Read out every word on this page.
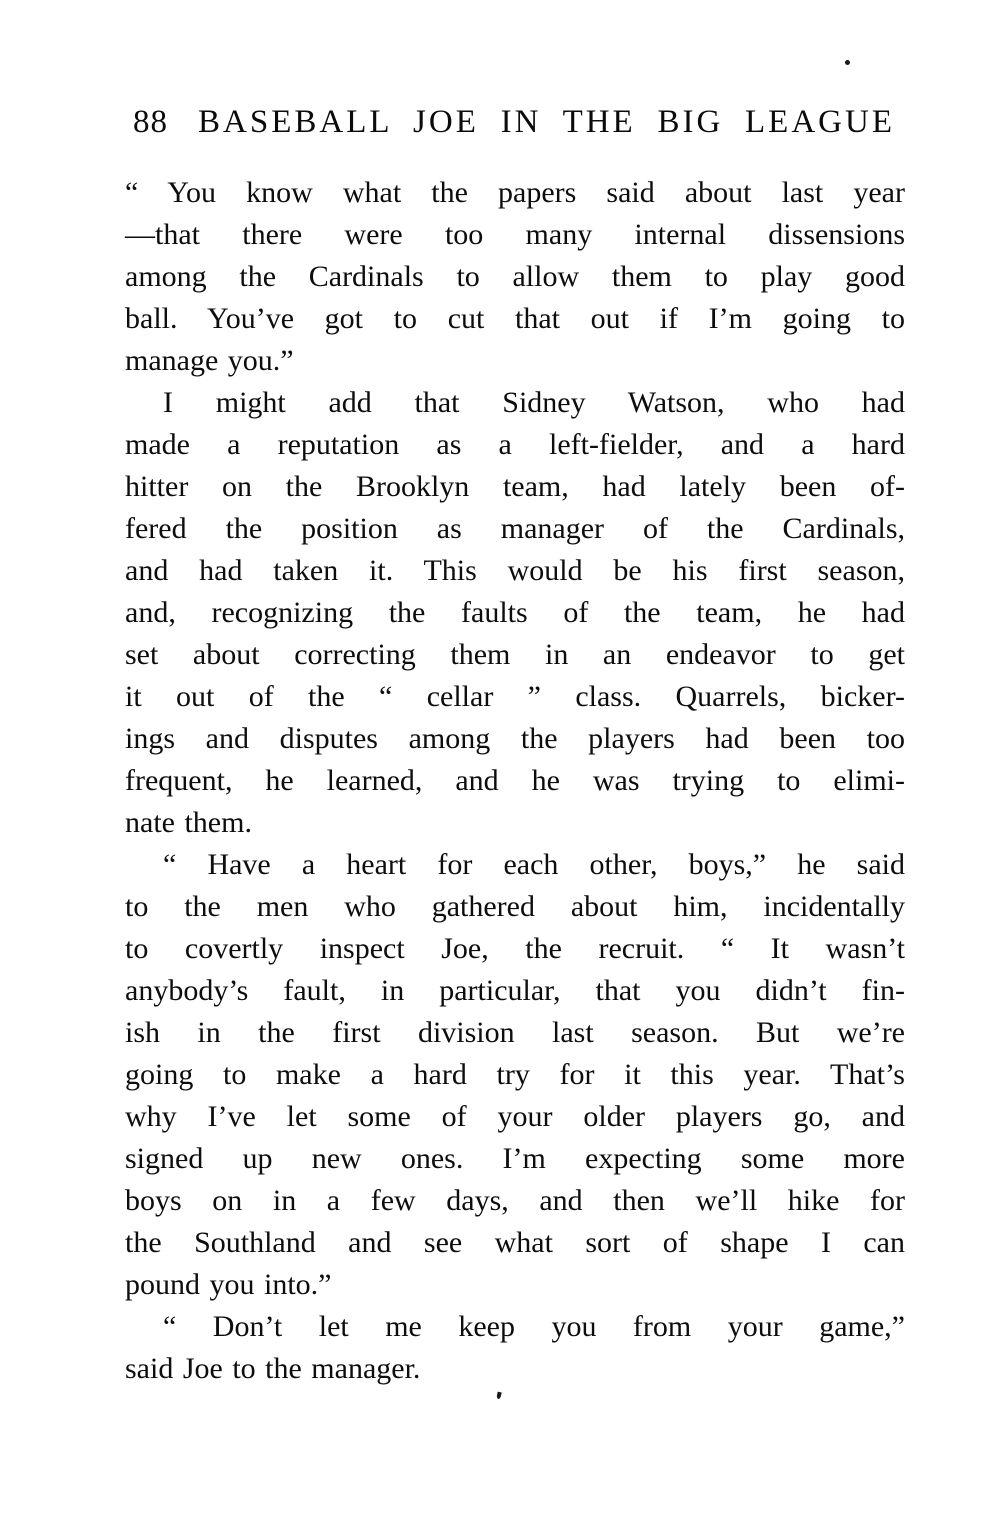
88 BASEBALL JOE IN THE BIG LEAGUE
“ You know what the papers said about last year
—that there were too many internal dissensions
among the Cardinals to allow them to play good
ball. You’ve got to cut that out if I’m going to
manage you.”
I might add that Sidney Watson, who had
made a reputation as a left-fielder, and a hard
hitter on the Brooklyn team, had lately been of-
fered the position as manager of the Cardinals,
and had taken it. This would be his first season,
and, recognizing the faults of the team, he had
set about correcting them in an endeavor to get
it out of the “ cellar ” class. Quarrels, bicker-
ings and disputes among the players had been too
frequent, he learned, and he was trying to elimi-
nate them.
“ Have a heart for each other, boys,” he said
to the men who gathered about him, incidentally
to covertly inspect Joe, the recruit. “ It wasn’t
anybody’s fault, in particular, that you didn’t fin-
ish in the first division last season. But we’re
going to make a hard try for it this year. That’s
why I’ve let some of your older players go, and
signed up new ones. I’m expecting some more
boys on in a few days, and then we’ll hike for
the Southland and see what sort of shape I can
pound you into.”
“ Don’t let me keep you from your game,”
said Joe to the manager.
